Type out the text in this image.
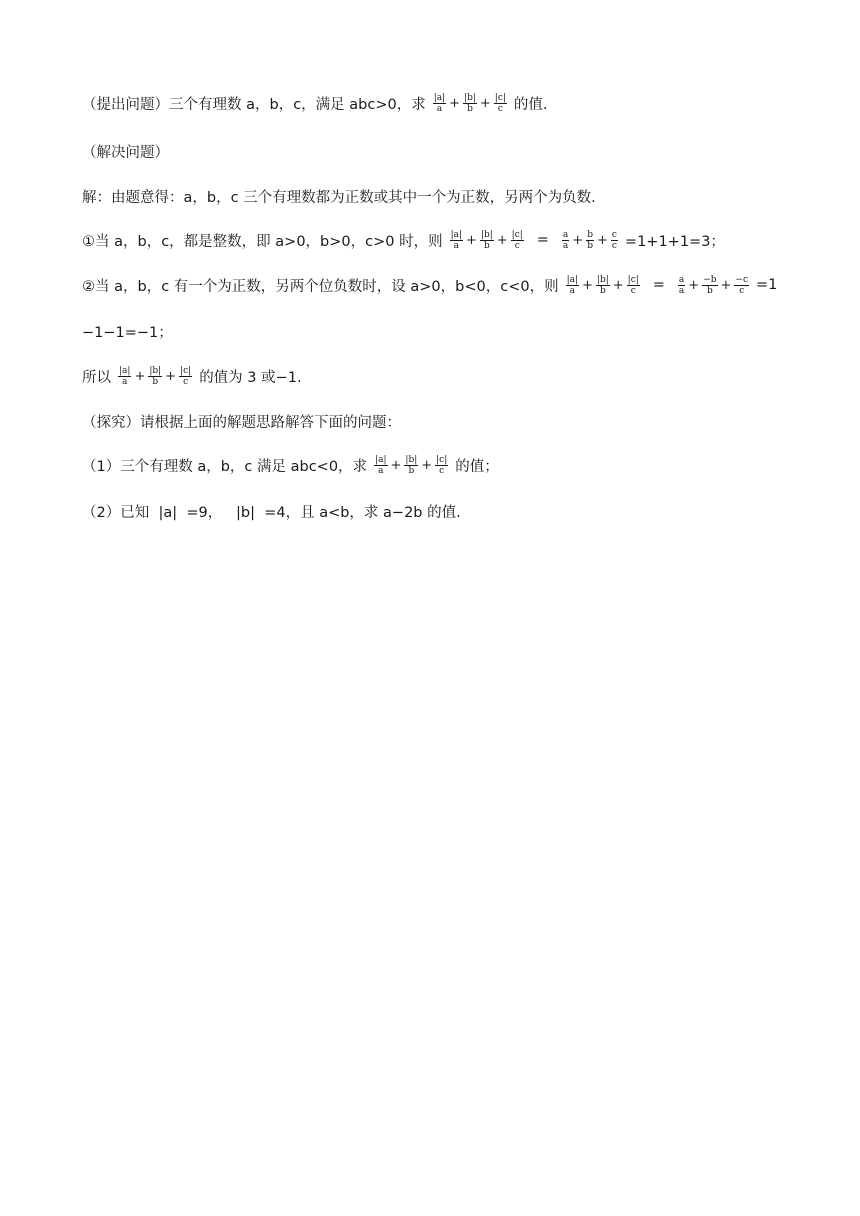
（提出问题）三个有理数 a，b，c，满足 abc>0，求 $\frac{|a|}{a} + \frac{|b|}{b} + \frac{|c|}{c}$ 的值.
（解决问题）
解：由题意得：a，b，c 三个有理数都为正数或其中一个为正数，另两个为负数.
①当 a，b，c，都是整数，即 a>0，b>0，c>0 时，则 $\frac{|a|}{a} + \frac{|b|}{b} + \frac{|c|}{c} = \frac{a}{a} + \frac{b}{b} + \frac{c}{c} =1+1+1=3$；
②当 a，b，c 有一个为正数，另两个位负数时，设 a>0，b<0，c<0，则 $\frac{|a|}{a} + \frac{|b|}{b} + \frac{|c|}{c} = \frac{a}{a} + \frac{-b}{b} + \frac{-c}{c} =1$
−1−1=−1；
所以 $\frac{|a|}{a} + \frac{|b|}{b} + \frac{|c|}{c}$ 的值为 3 或−1.
（探究）请根据上面的解题思路解答下面的问题：
（1）三个有理数 a，b，c 满足 abc<0，求 $\frac{|a|}{a} + \frac{|b|}{b} + \frac{|c|}{c}$ 的值；
（2）已知  |a|  =9，   |b|  =4，且 a<b，求 a−2b 的值.
